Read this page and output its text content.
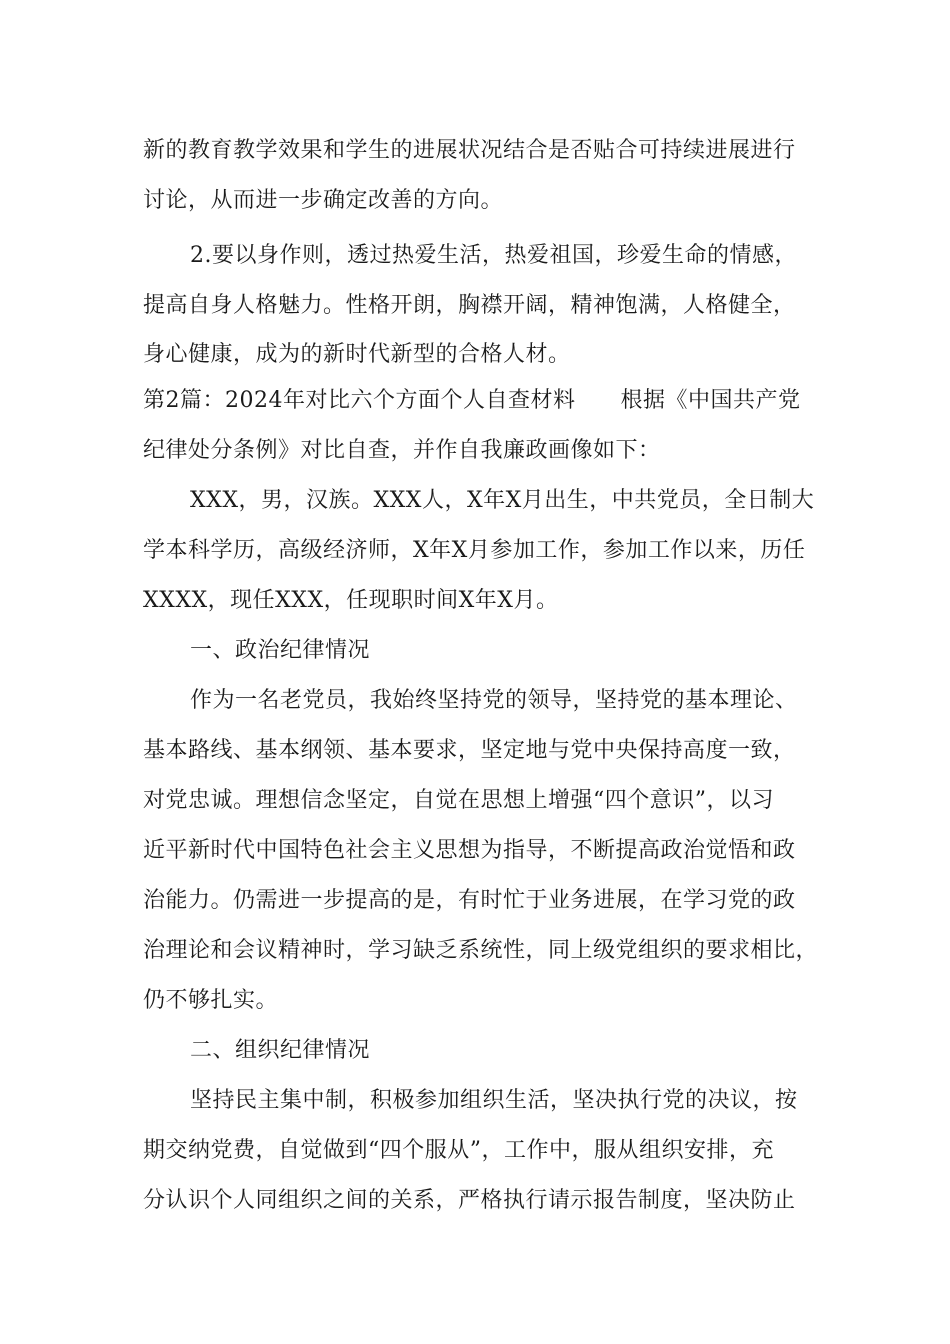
新的教育教学效果和学生的进展状况结合是否贴合可持续进展进行
讨论，从而进一步确定改善的方向。
2.要以身作则，透过热爱生活，热爱祖国，珍爱生命的情感，
提高自身人格魅力。性格开朗，胸襟开阔，精神饱满，人格健全，
身心健康，成为的新时代新型的合格人材。
第2篇：2024年对比六个方面个人自查材料　　根据《中国共产党
纪律处分条例》对比自查，并作自我廉政画像如下：
XXX，男，汉族。XXX人，X年X月出生，中共党员，全日制大
学本科学历，高级经济师，X年X月参加工作，参加工作以来，历任
XXXX，现任XXX，任现职时间X年X月。
一、政治纪律情况
作为一名老党员，我始终坚持党的领导，坚持党的基本理论、
基本路线、基本纲领、基本要求，坚定地与党中央保持高度一致，
对党忠诚。理想信念坚定，自觉在思想上增强“四个意识”，以习
近平新时代中国特色社会主义思想为指导，不断提高政治觉悟和政
治能力。仍需进一步提高的是，有时忙于业务进展，在学习党的政
治理论和会议精神时，学习缺乏系统性，同上级党组织的要求相比，
仍不够扎实。
二、组织纪律情况
坚持民主集中制，积极参加组织生活，坚决执行党的决议，按
期交纳党费，自觉做到“四个服从”，工作中，服从组织安排，充
分认识个人同组织之间的关系，严格执行请示报告制度，坚决防止
